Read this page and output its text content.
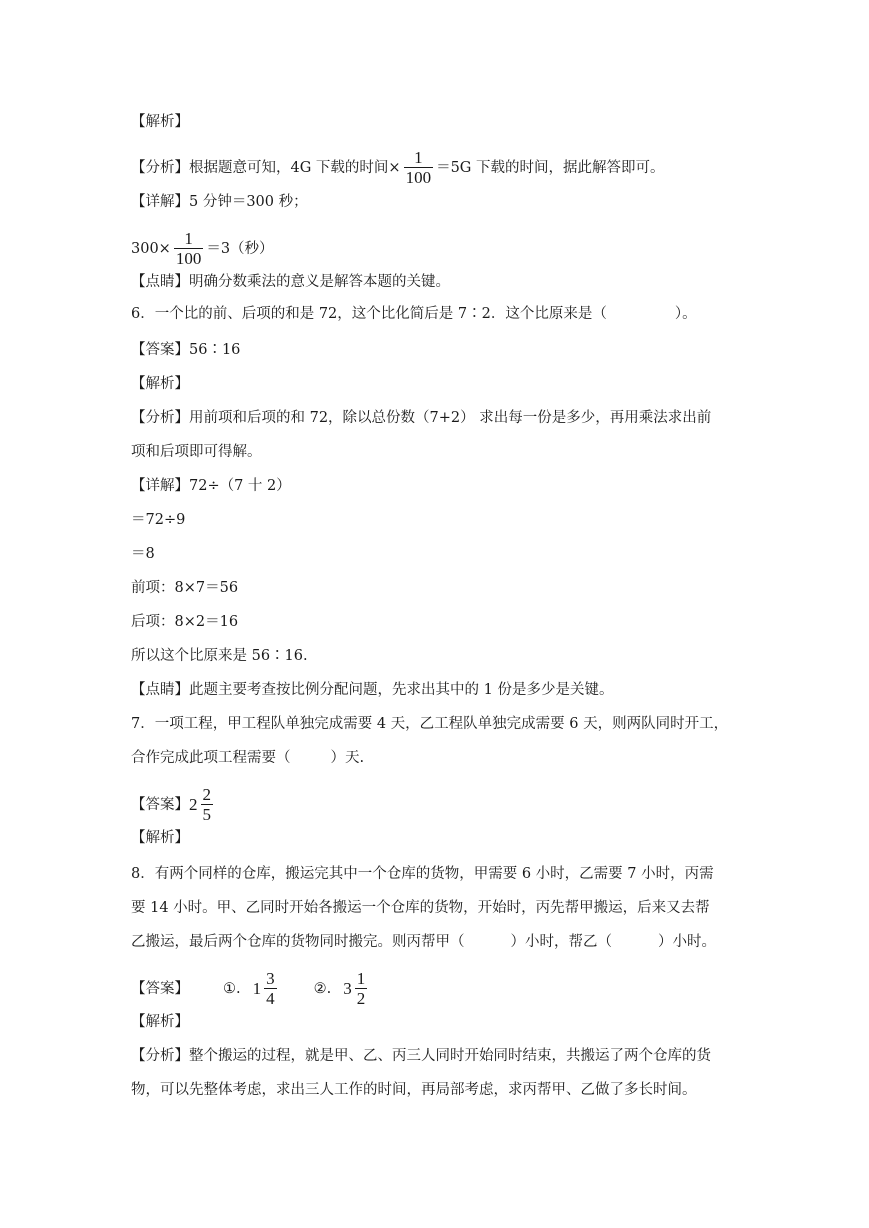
【解析】
【分析】根据题意可知，4G 下载的时间× $\frac{1}{100} =5G$ 下载的时间，据此解答即可。
【详解】5 分钟＝300 秒；
$300\times \frac{1}{100} =3$（秒）
【点睛】明确分数乘法的意义是解答本题的关键。
6．一个比的前、后项的和是 72，这个比化简后是 7∶2．这个比原来是（	）。
【答案】56∶16
【解析】
【分析】用前项和后项的和 72，除以总份数（7+2） 求出每一份是多少，再用乘法求出前
项和后项即可得解。
【详解】72÷（7 十 2）
＝72÷9
＝8
前项：8×7＝56
后项：8×2＝16
所以这个比原来是 56∶16.
【点睛】此题主要考查按比例分配问题，先求出其中的 1 份是多少是关键。
7．一项工程，甲工程队单独完成需要 4 天，乙工程队单独完成需要 6 天，则两队同时开工，
合作完成此项工程需要（	）天.
【答案】 $2 \frac{2}{5}$
【解析】
8．有两个同样的仓库，搬运完其中一个仓库的货物，甲需要 6 小时，乙需要 7 小时，丙需
要 14 小时。甲、乙同时开始各搬运一个仓库的货物，开始时，丙先帮甲搬运，后来又去帮
乙搬运，最后两个仓库的货物同时搬完。则丙帮甲（	）小时，帮乙（	）小时。
【答案】 ①. $1 \frac{3}{4}$	②. $3 \frac{1}{2}$
【解析】
【分析】整个搬运的过程，就是甲、乙、丙三人同时开始同时结束，共搬运了两个仓库的货
物，可以先整体考虑，求出三人工作的时间，再局部考虑，求丙帮甲、乙做了多长时间。
